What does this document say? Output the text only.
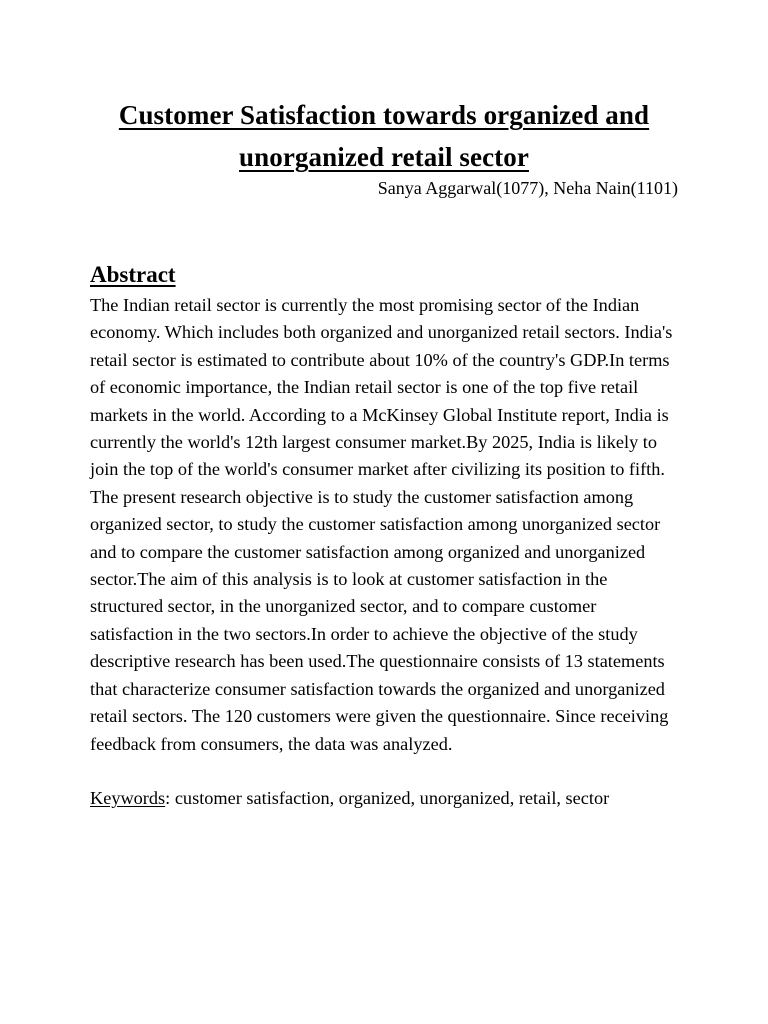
Customer Satisfaction towards organized and unorganized retail sector

Sanya Aggarwal(1077), Neha Nain(1101)

Abstract

The Indian retail sector is currently the most promising sector of the Indian economy. Which includes both organized and unorganized retail sectors. India's retail sector is estimated to contribute about 10% of the country's GDP.In terms of economic importance, the Indian retail sector is one of the top five retail markets in the world. According to a McKinsey Global Institute report, India is currently the world's 12th largest consumer market.By 2025, India is likely to join the top of the world's consumer market after civilizing its position to fifth. The present research objective is to study the customer satisfaction among organized sector, to study the customer satisfaction among unorganized sector and to compare the customer satisfaction among organized and unorganized sector.The aim of this analysis is to look at customer satisfaction in the structured sector, in the unorganized sector, and to compare customer satisfaction in the two sectors.In order to achieve the objective of the study descriptive research has been used.The questionnaire consists of 13 statements that characterize consumer satisfaction towards the organized and unorganized retail sectors. The 120 customers were given the questionnaire. Since receiving feedback from consumers, the data was analyzed.

Keywords: customer satisfaction, organized, unorganized, retail, sector
